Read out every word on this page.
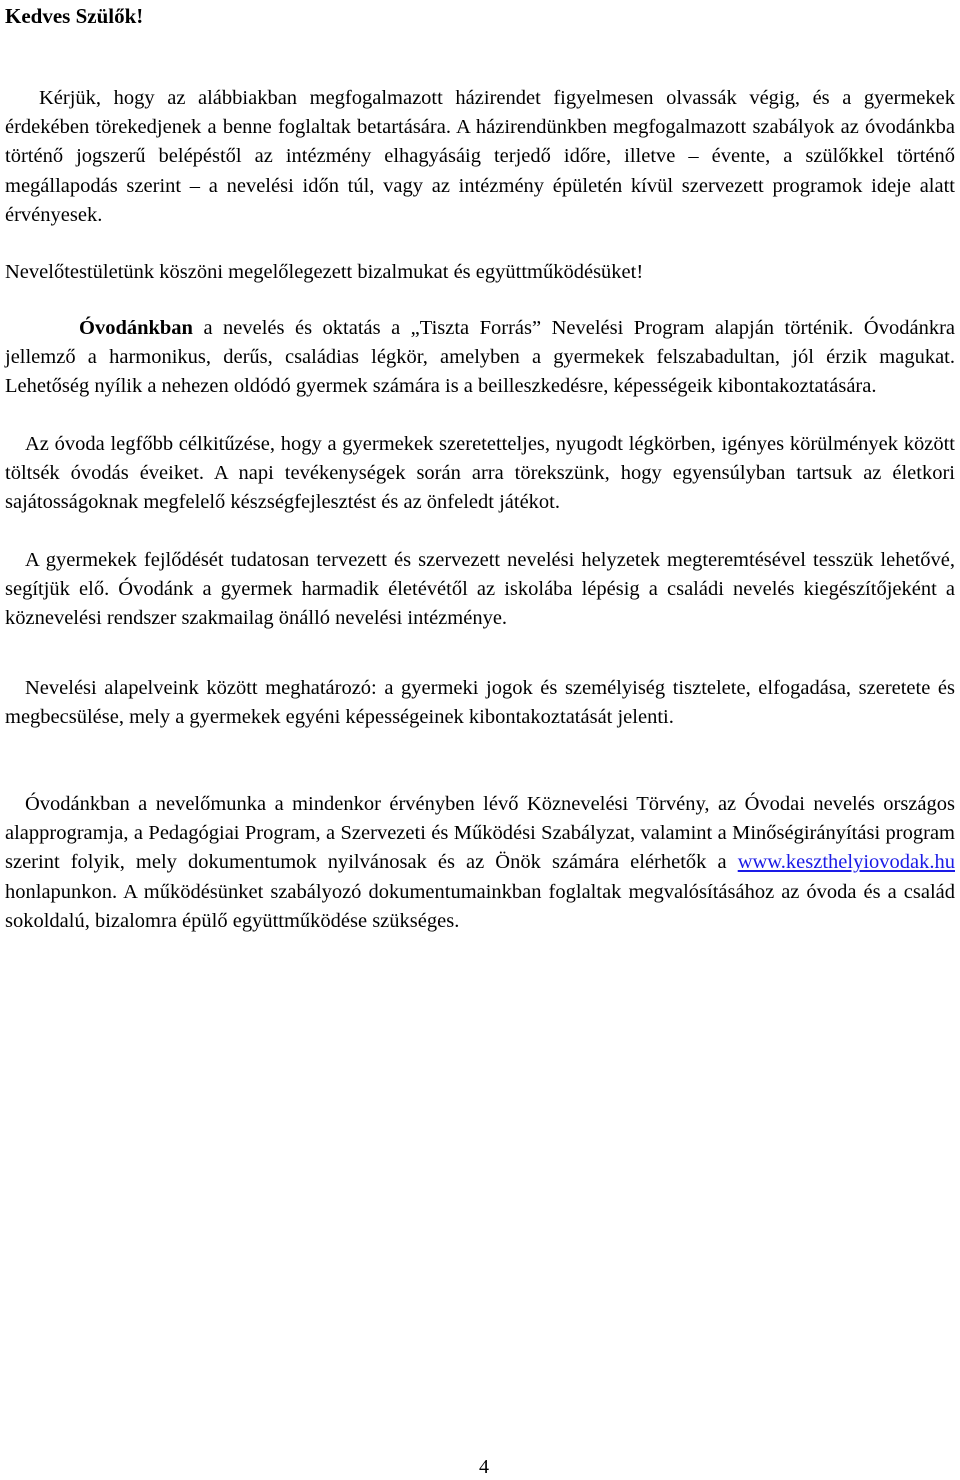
Kedves Szülők!

Kérjük, hogy az alábbiakban megfogalmazott házirendet figyelmesen olvassák végig, és a gyermekek érdekében törekedjenek a benne foglaltak betartására. A házirendünkben megfogalmazott szabályok az óvodánkba történő jogszerű belépéstől az intézmény elhagyásáig terjedő időre, illetve – évente, a szülőkkel történő megállapodás szerint – a nevelési időn túl, vagy az intézmény épületén kívül szervezett programok ideje alatt érvényesek.

Nevelőtestületünk köszöni megelőlegezett bizalmukat és együttműködésüket!

Óvodánkban a nevelés és oktatás a „Tiszta Forrás” Nevelési Program alapján történik. Óvodánkra jellemző a harmonikus, derűs, családias légkör, amelyben a gyermekek felszabadultan, jól érzik magukat. Lehetőség nyílik a nehezen oldódó gyermek számára is a beilleszkedésre, képességeik kibontakoztatására.

Az óvoda legfőbb célkitűzése, hogy a gyermekek szeretetteljes, nyugodt légkörben, igényes körülmények között töltsék óvodás éveiket. A napi tevékenységek során arra törekszünk, hogy egyensúlyban tartsuk az életkori sajátosságoknak megfelelő készségfejlesztést és az önfeledt játékot.

A gyermekek fejlődését tudatosan tervezett és szervezett nevelési helyzetek megteremtésével tesszük lehetővé, segítjük elő. Óvodánk a gyermek harmadik életévétől az iskolába lépésig a családi nevelés kiegészítőjeként a köznevelési rendszer szakmailag önálló nevelési intézménye.

Nevelési alapelveink között meghatározó: a gyermeki jogok és személyiség tisztelete, elfogadása, szeretete és megbecsülése, mely a gyermekek egyéni képességeinek kibontakoztatását jelenti.

Óvodánkban a nevelőmunka a mindenkor érvényben lévő Köznevelési Törvény, az Óvodai nevelés országos alapprogramja, a Pedagógiai Program, a Szervezeti és Működési Szabályzat, valamint a Minőségirányítási program szerint folyik, mely dokumentumok nyilvánosak és az Önök számára elérhetők a www.keszthelyiovodak.hu honlapunkon. A működésünket szabályozó dokumentumainkban foglaltak megvalósításához az óvoda és a család sokoldalú, bizalomra épülő együttműködése szükséges.

4
